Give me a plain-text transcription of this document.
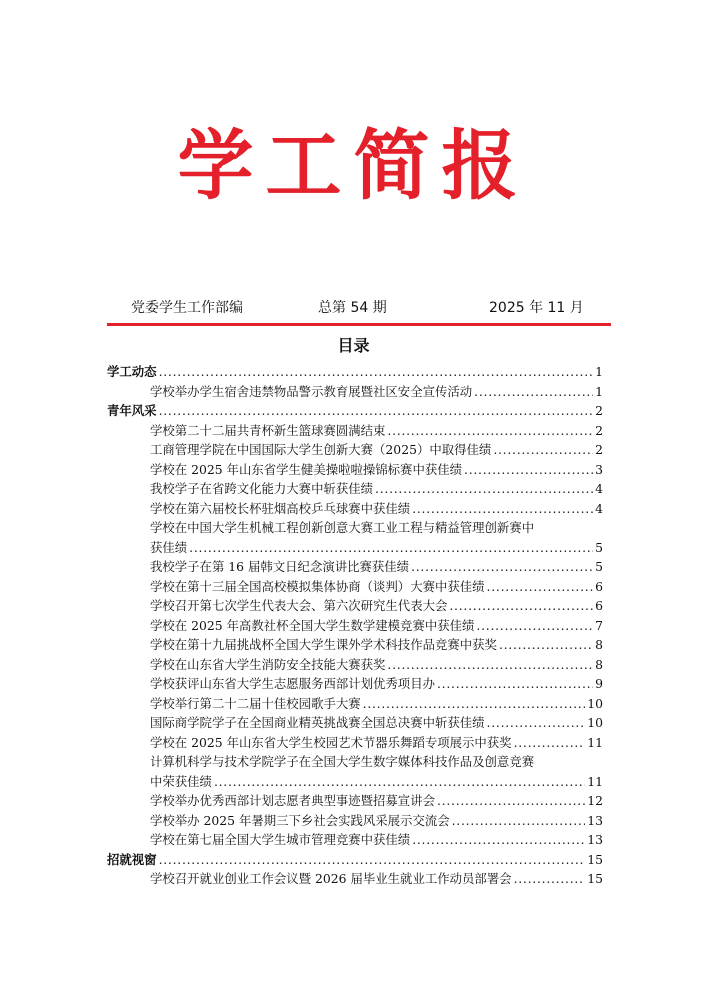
学工简报
党委学生工作部编	总第 54 期	2025 年 11 月
目录
学工动态 . . .	1
学校举办学生宿舍违禁物品警示教育展暨社区安全宣传活动 . . .	1
青年风采 . . .	2
学校第二十二届共青杯新生篮球赛圆满结束 . . .	2
工商管理学院在中国国际大学生创新大赛（2025）中取得佳绩 . . .	2
学校在 2025 年山东省学生健美操啦啦操锦标赛中获佳绩 . . .	3
我校学子在省跨文化能力大赛中斩获佳绩 . . .	4
学校在第六届校长杯驻烟高校乒乓球赛中获佳绩 . . .	4
学校在中国大学生机械工程创新创意大赛工业工程与精益管理创新赛中
获佳绩 . . .	5
我校学子在第 16 届韩文日纪念演讲比赛获佳绩 . . .	5
学校在第十三届全国高校模拟集体协商（谈判）大赛中获佳绩 . . .	6
学校召开第七次学生代表大会、第六次研究生代表大会 . . .	6
学校在 2025 年高教社杯全国大学生数学建模竞赛中获佳绩 . . .	7
学校在第十九届挑战杯全国大学生课外学术科技作品竞赛中获奖 . . .	8
学校在山东省大学生消防安全技能大赛获奖 . . .	8
学校获评山东省大学生志愿服务西部计划优秀项目办 . . .	9
学校举行第二十二届十佳校园歌手大赛 . . .	10
国际商学院学子在全国商业精英挑战赛全国总决赛中斩获佳绩 . . .	10
学校在 2025 年山东省大学生校园艺术节器乐舞蹈专项展示中获奖 . . .	11
计算机科学与技术学院学子在全国大学生数字媒体科技作品及创意竞赛
中荣获佳绩 . . .	11
学校举办优秀西部计划志愿者典型事迹暨招募宣讲会 . . .	12
学校举办 2025 年暑期三下乡社会实践风采展示交流会 . . .	13
学校在第七届全国大学生城市管理竞赛中获佳绩 . . .	13
招就视窗 . . .	15
学校召开就业创业工作会议暨 2026 届毕业生就业工作动员部署会 . . .	15
